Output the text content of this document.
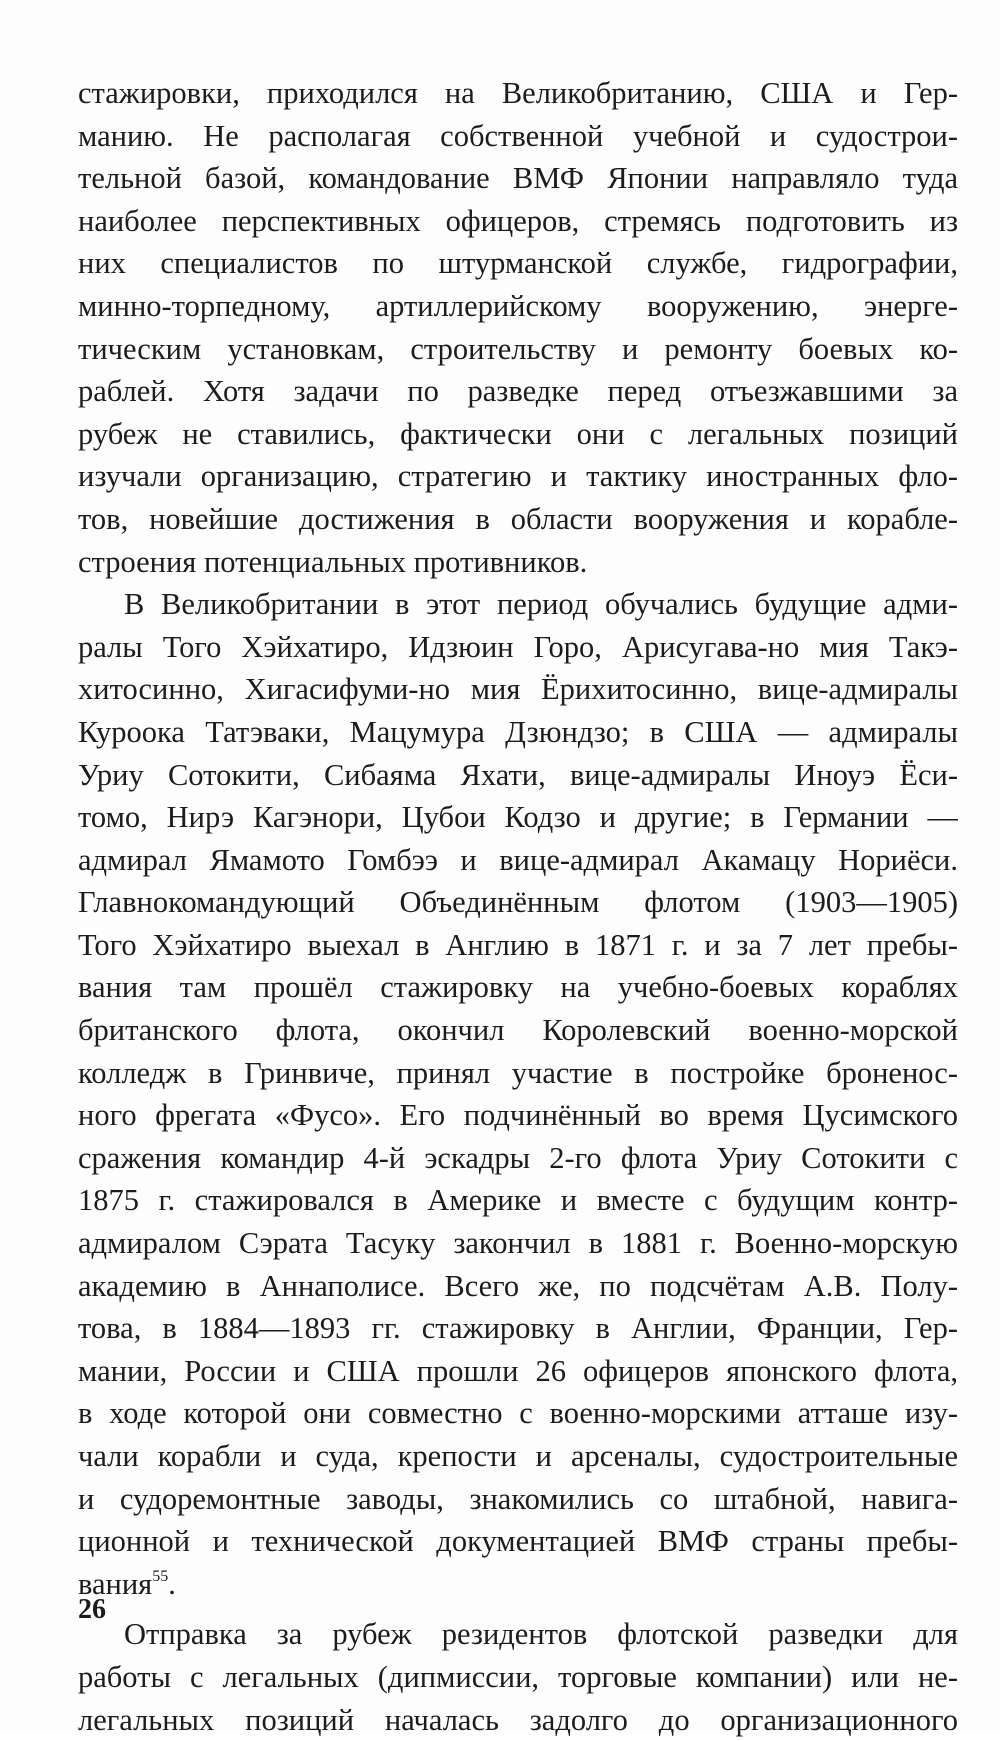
стажировки, приходился на Великобританию, США и Гер-
манию. Не располагая собственной учебной и судострои-
тельной базой, командование ВМФ Японии направляло туда
наиболее перспективных офицеров, стремясь подготовить из
них специалистов по штурманской службе, гидрографии,
минно-торпедному, артиллерийскому вооружению, энерге-
тическим установкам, строительству и ремонту боевых ко-
раблей. Хотя задачи по разведке перед отъезжавшими за
рубеж не ставились, фактически они с легальных позиций
изучали организацию, стратегию и тактику иностранных фло-
тов, новейшие достижения в области вооружения и корабле-
строения потенциальных противников.
В Великобритании в этот период обучались будущие адми-
ралы Того Хэйхатиро, Идзюин Горо, Арисугава-но мия Такэ-
хитосинно, Хигасифуми-но мия Ёрихитосинно, вице-адмиралы
Куроока Татэваки, Мацумура Дзюндзо; в США — адмиралы
Уриу Сотокити, Сибаяма Яхати, вице-адмиралы Иноуэ Ёси-
томо, Нирэ Кагэнори, Цубои Кодзо и другие; в Германии —
адмирал Ямамото Гомбээ и вице-адмирал Акамацу Нориёси.
Главнокомандующий Объединённым флотом (1903—1905)
Того Хэйхатиро выехал в Англию в 1871 г. и за 7 лет пребы-
вания там прошёл стажировку на учебно-боевых кораблях
британского флота, окончил Королевский военно-морской
колледж в Гринвиче, принял участие в постройке броненос-
ного фрегата «Фусо». Его подчинённый во время Цусимского
сражения командир 4-й эскадры 2-го флота Уриу Сотокити с
1875 г. стажировался в Америке и вместе с будущим контр-
адмиралом Сэрата Тасуку закончил в 1881 г. Военно-морскую
академию в Аннаполисе. Всего же, по подсчётам А.В. Полу-
това, в 1884—1893 гг. стажировку в Англии, Франции, Гер-
мании, России и США прошли 26 офицеров японского флота,
в ходе которой они совместно с военно-морскими атташе изу-
чали корабли и суда, крепости и арсеналы, судостроительные
и судоремонтные заводы, знакомились со штабной, навига-
ционной и технической документацией ВМФ страны пребы-
вания$^{55}$.
Отправка за рубеж резидентов флотской разведки для
работы с легальных (дипмиссии, торговые компании) или не-
легальных позиций началась задолго до организационного
26
